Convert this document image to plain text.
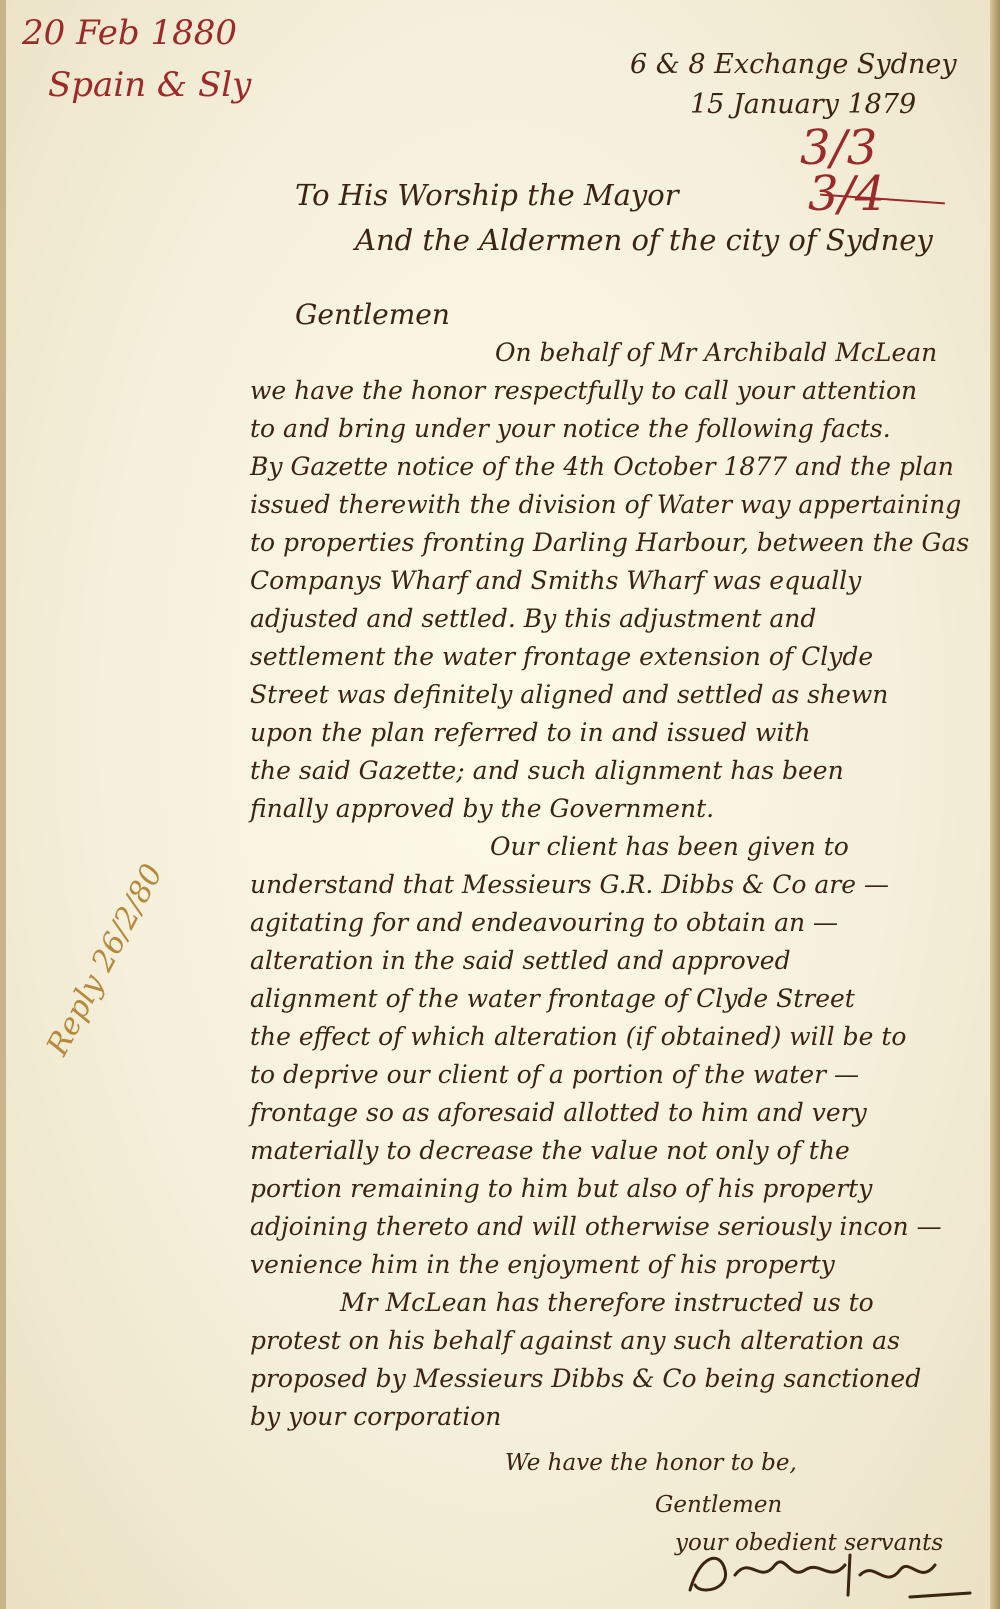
20 Feb 1880
Spain & Sly
6 & 8 Exchange Sydney
15 January 1879
3/3
3/4
To His Worship the Mayor
And the Aldermen of the city of Sydney
Gentlemen
On behalf of Mr Archibald McLean
we have the honor respectfully to call your attention
to and bring under your notice the following facts.
By Gazette notice of the 4th October 1877 and the plan
issued therewith the division of Water way appertaining
to properties fronting Darling Harbour, between the Gas
Companys Wharf and Smiths Wharf was equally
adjusted and settled. By this adjustment and
settlement the water frontage extension of Clyde
Street was definitely aligned and settled as shewn
upon the plan referred to in and issued with
the said Gazette; and such alignment has been
finally approved by the Government.
Our client has been given to
understand that Messieurs G.R. Dibbs & Co are —
agitating for and endeavouring to obtain an —
alteration in the said settled and approved
alignment of the water frontage of Clyde Street
the effect of which alteration (if obtained) will be to
to deprive our client of a portion of the water —
frontage so as aforesaid allotted to him and very
materially to decrease the value not only of the
portion remaining to him but also of his property
adjoining thereto and will otherwise seriously incon —
venience him in the enjoyment of his property
Mr McLean has therefore instructed us to
protest on his behalf against any such alteration as
proposed by Messieurs Dibbs & Co being sanctioned
by your corporation
We have the honor to be,
Gentlemen
your obedient servants
Reply 26/2/80
